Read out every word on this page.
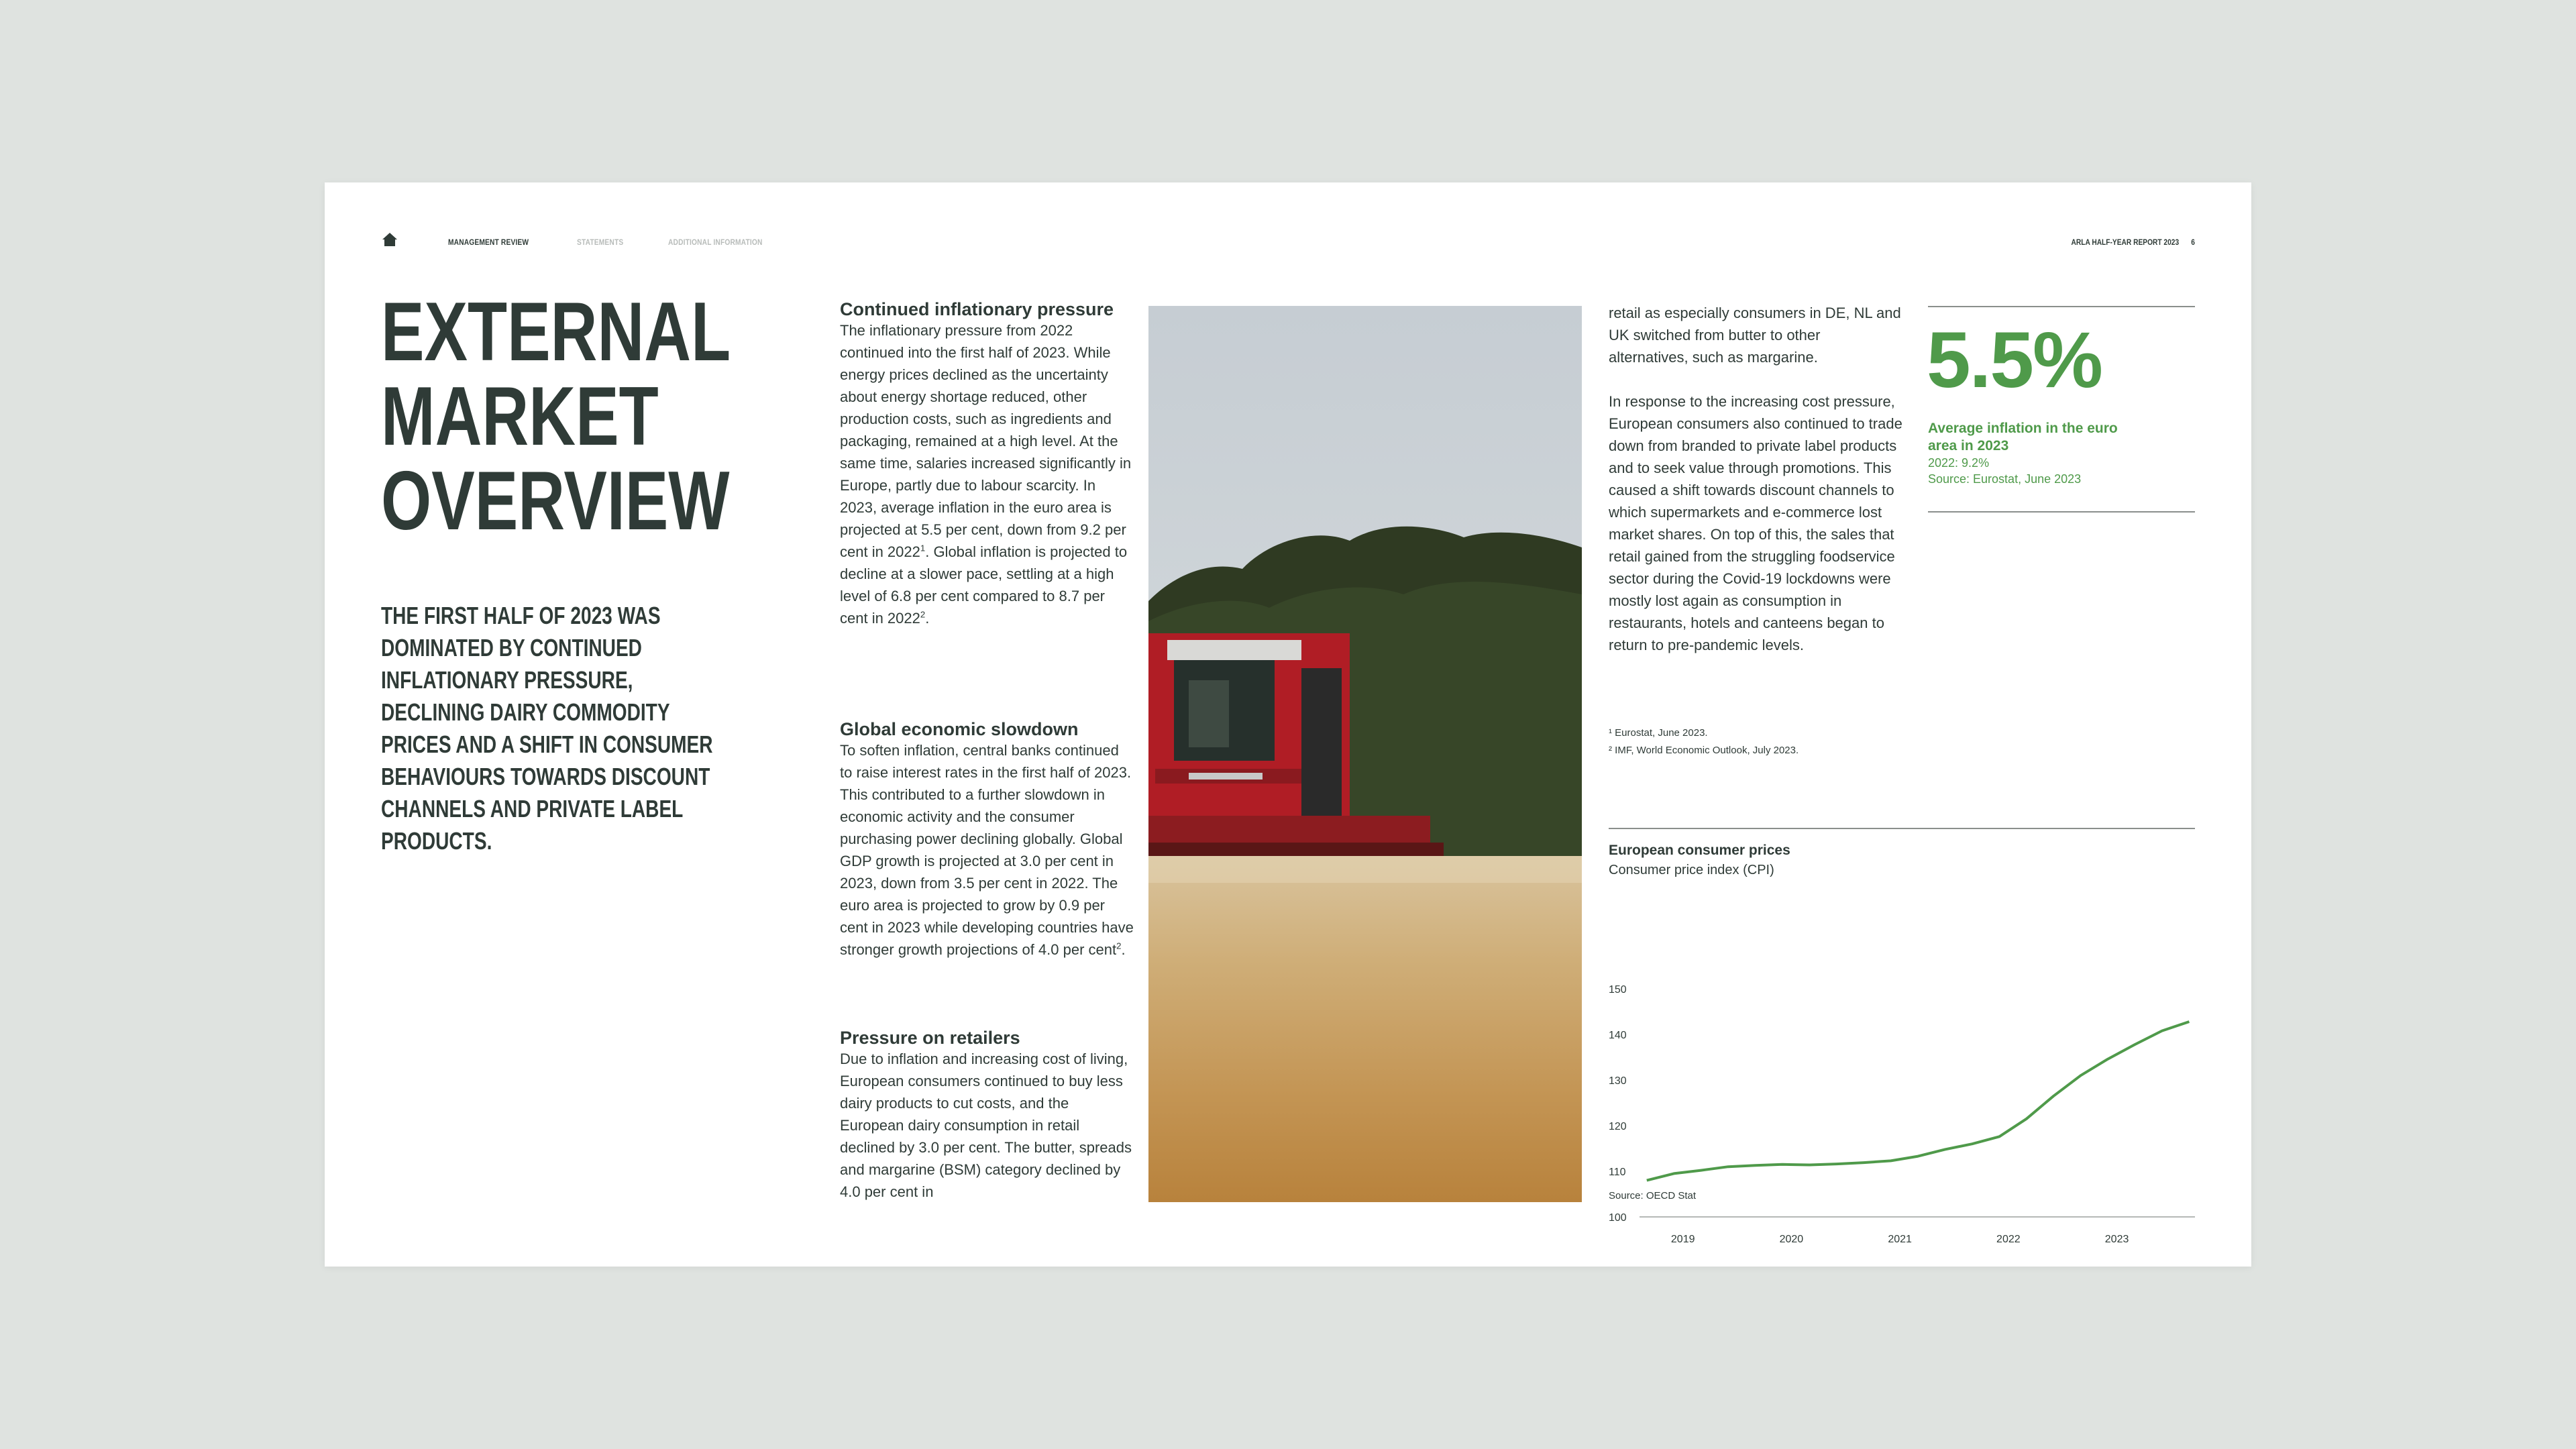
MANAGEMENT REVIEW	STATEMENTS	ADDITIONAL INFORMATION	ARLA HALF-YEAR REPORT 2023 6
EXTERNAL
MARKET
OVERVIEW
THE FIRST HALF OF 2023 WAS DOMINATED BY CONTINUED INFLATIONARY PRESSURE, DECLINING DAIRY COMMODITY PRICES AND A SHIFT IN CONSUMER BEHAVIOURS TOWARDS DISCOUNT CHANNELS AND PRIVATE LABEL PRODUCTS.
Continued inflationary pressure

The inflationary pressure from 2022 continued into the first half of 2023. While energy prices declined as the uncertainty about energy shortage reduced, other production costs, such as ingredients and packaging, remained at a high level. At the same time, salaries increased significantly in Europe, partly due to labour scarcity. In 2023, average inflation in the euro area is projected at 5.5 per cent, down from 9.2 per cent in 2022$^1$. Global inflation is projected to decline at a slower pace, settling at a high level of 6.8 per cent compared to 8.7 per cent in 2022$^2$.

Global economic slowdown

To soften inflation, central banks continued to raise interest rates in the first half of 2023. This contributed to a further slowdown in economic activity and the consumer purchasing power declining globally. Global GDP growth is projected at 3.0 per cent in 2023, down from 3.5 per cent in 2022. The euro area is projected to grow by 0.9 per cent in 2023 while developing countries have stronger growth projections of 4.0 per cent$^2$.

Pressure on retailers

Due to inflation and increasing cost of living, European consumers continued to buy less dairy products to cut costs, and the European dairy consumption in retail declined by 3.0 per cent. The butter, spreads and margarine (BSM) category declined by 4.0 per cent in

retail as especially consumers in DE, NL and UK switched from butter to other alternatives, such as margarine.

In response to the increasing cost pressure, European consumers also continued to trade down from branded to private label products and to seek value through promotions. This caused a shift towards discount channels to which supermarkets and e-commerce lost market shares. On top of this, the sales that retail gained from the struggling foodservice sector during the Covid-19 lockdowns were mostly lost again as consumption in restaurants, hotels and canteens began to return to pre-pandemic levels.

¹ Eurostat, June 2023.
² IMF, World Economic Outlook, July 2023.
5.5%
Average inflation in the euro area in 2023
2022: 9.2%
Source: Eurostat, June 2023
European consumer prices
Consumer price index (CPI)
100
110
120
130
140
150
2019	2020	2021	2022	2023
Source: OECD Stat
